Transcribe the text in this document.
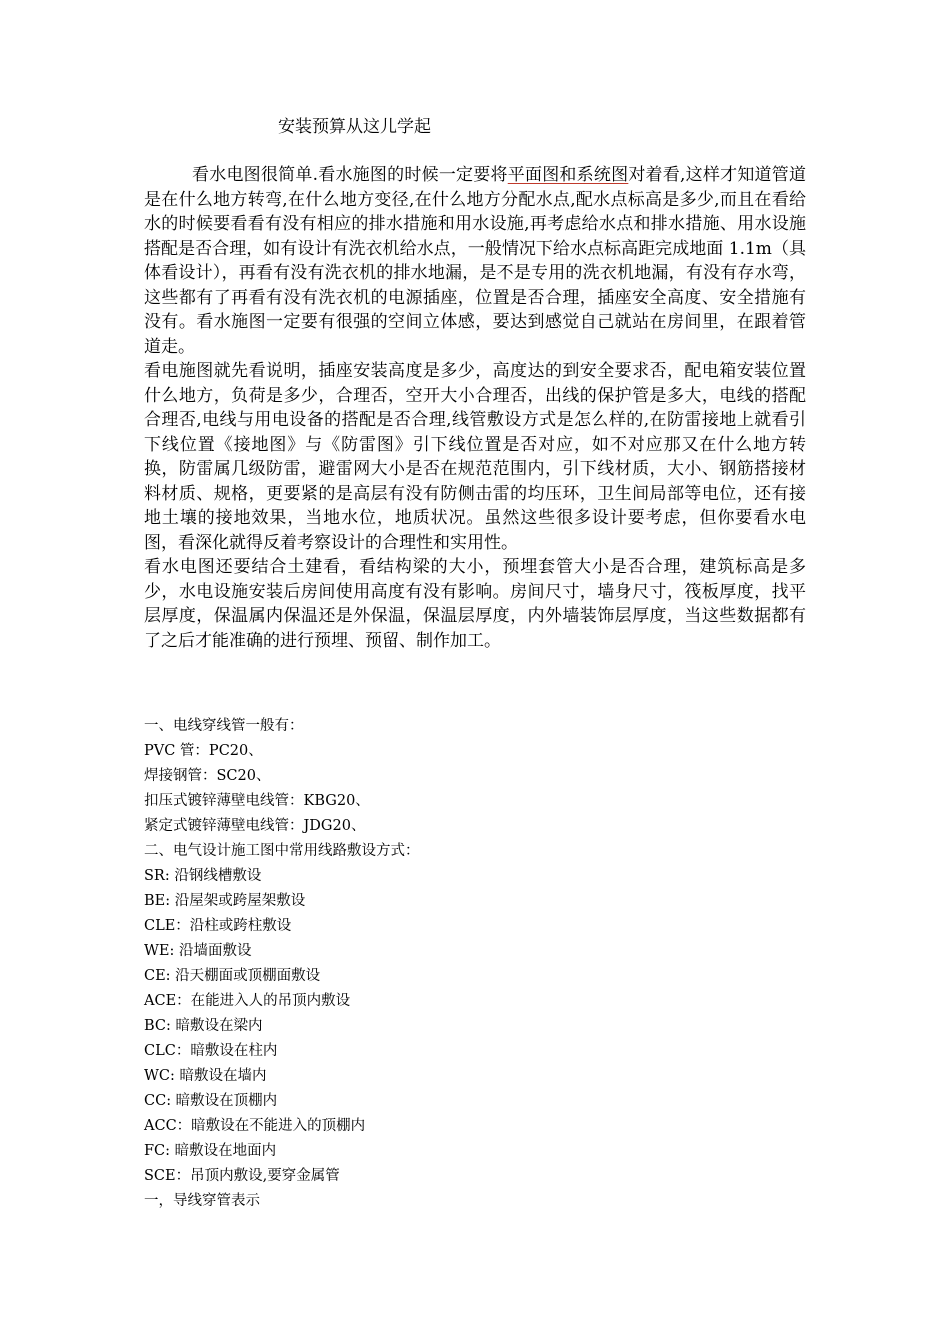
安装预算从这儿学起

看水电图很简单.看水施图的时候一定要将平面图和系统图对着看,这样才知道管道是在什么地方转弯,在什么地方变径,在什么地方分配水点,配水点标高是多少,而且在看给水的时候要看看有没有相应的排水措施和用水设施,再考虑给水点和排水措施、用水设施搭配是否合理，如有设计有洗衣机给水点，一般情况下给水点标高距完成地面 1.1m（具体看设计），再看有没有洗衣机的排水地漏，是不是专用的洗衣机地漏，有没有存水弯，这些都有了再看有没有洗衣机的电源插座，位置是否合理，插座安全高度、安全措施有没有。看水施图一定要有很强的空间立体感，要达到感觉自己就站在房间里，在跟着管道走。

看电施图就先看说明，插座安装高度是多少，高度达的到安全要求否，配电箱安装位置什么地方，负荷是多少，合理否，空开大小合理否，出线的保护管是多大，电线的搭配合理否,电线与用电设备的搭配是否合理,线管敷设方式是怎么样的,在防雷接地上就看引下线位置《接地图》与《防雷图》引下线位置是否对应，如不对应那又在什么地方转换，防雷属几级防雷，避雷网大小是否在规范范围内，引下线材质，大小、钢筋搭接材料材质、规格，更要紧的是高层有没有防侧击雷的均压环，卫生间局部等电位，还有接地土壤的接地效果，当地水位，地质状况。虽然这些很多设计要考虑，但你要看水电图，看深化就得反着考察设计的合理性和实用性。

看水电图还要结合土建看，看结构梁的大小，预埋套管大小是否合理，建筑标高是多少，水电设施安装后房间使用高度有没有影响。房间尺寸，墙身尺寸，筏板厚度，找平层厚度，保温属内保温还是外保温，保温层厚度，内外墙装饰层厚度，当这些数据都有了之后才能准确的进行预埋、预留、制作加工。

一、电线穿线管一般有：
PVC 管：PC20、
焊接钢管：SC20、
扣压式镀锌薄壁电线管：KBG20、
紧定式镀锌薄壁电线管：JDG20、
二、电气设计施工图中常用线路敷设方式：
SR: 沿钢线槽敷设
BE: 沿屋架或跨屋架敷设
CLE：沿柱或跨柱敷设
WE: 沿墙面敷设
CE: 沿天棚面或顶棚面敷设
ACE：在能进入人的吊顶内敷设
BC: 暗敷设在梁内
CLC：暗敷设在柱内
WC: 暗敷设在墙内
CC: 暗敷设在顶棚内
ACC：暗敷设在不能进入的顶棚内
FC: 暗敷设在地面内
SCE：吊顶内敷设,要穿金属管
一，导线穿管表示
